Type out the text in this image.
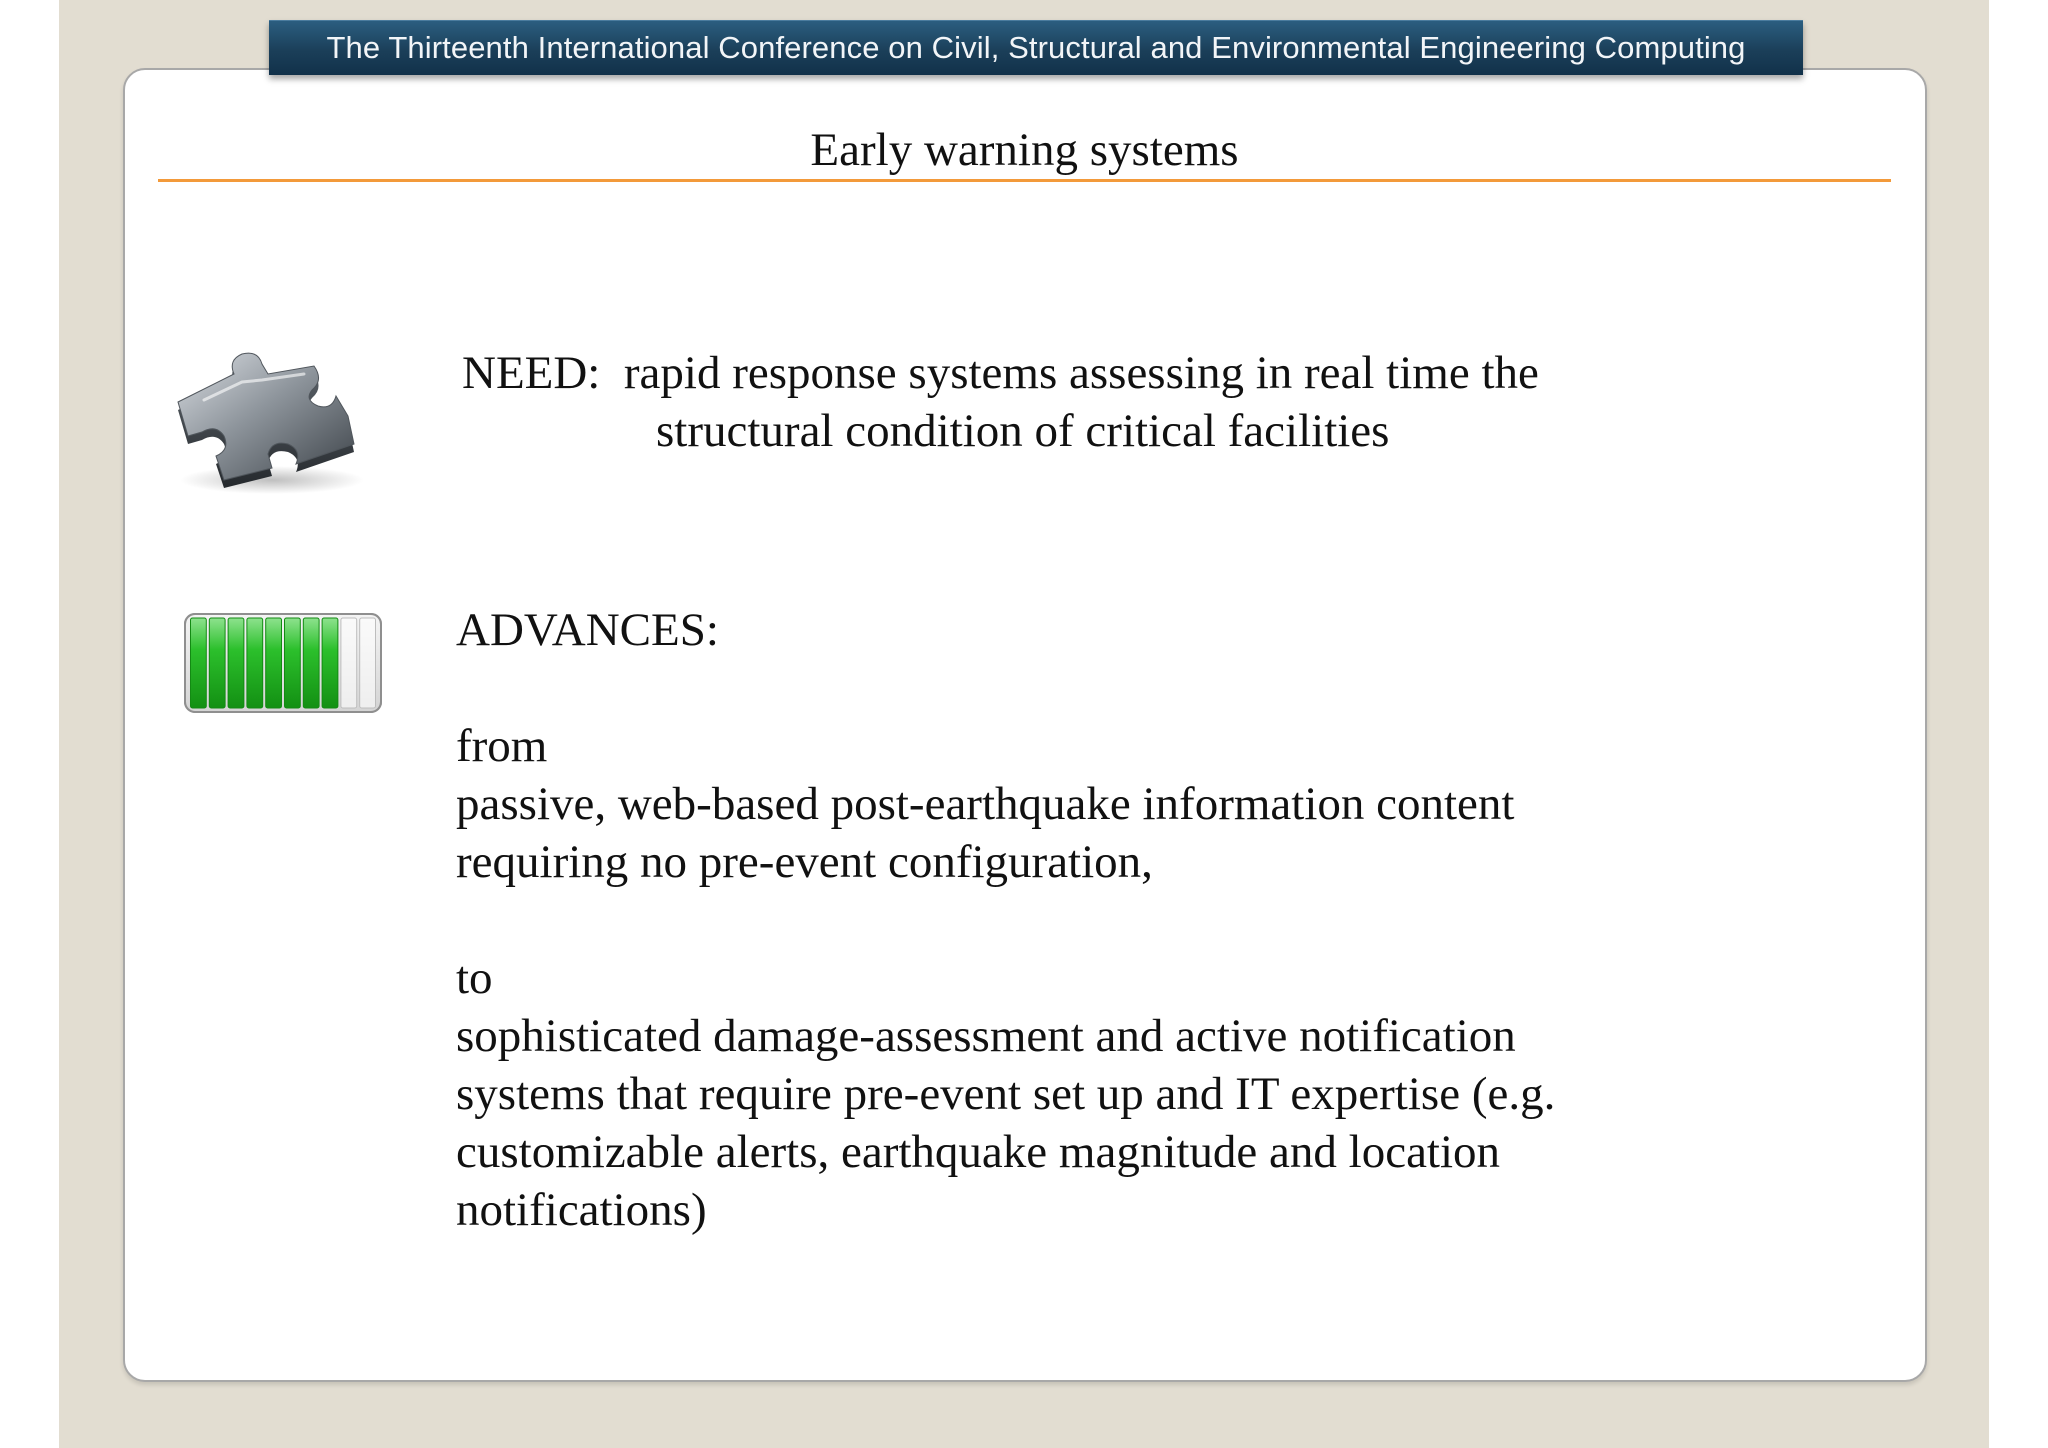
The Thirteenth International Conference on Civil, Structural and Environmental Engineering Computing
Early warning systems
NEED: rapid response systems assessing in real time the
structural condition of critical facilities
ADVANCES:
from
passive, web-based post-earthquake information content
requiring no pre-event configuration,
to
sophisticated damage-assessment and active notification
systems that require pre-event set up and IT expertise (e.g.
customizable alerts, earthquake magnitude and location
notifications)
